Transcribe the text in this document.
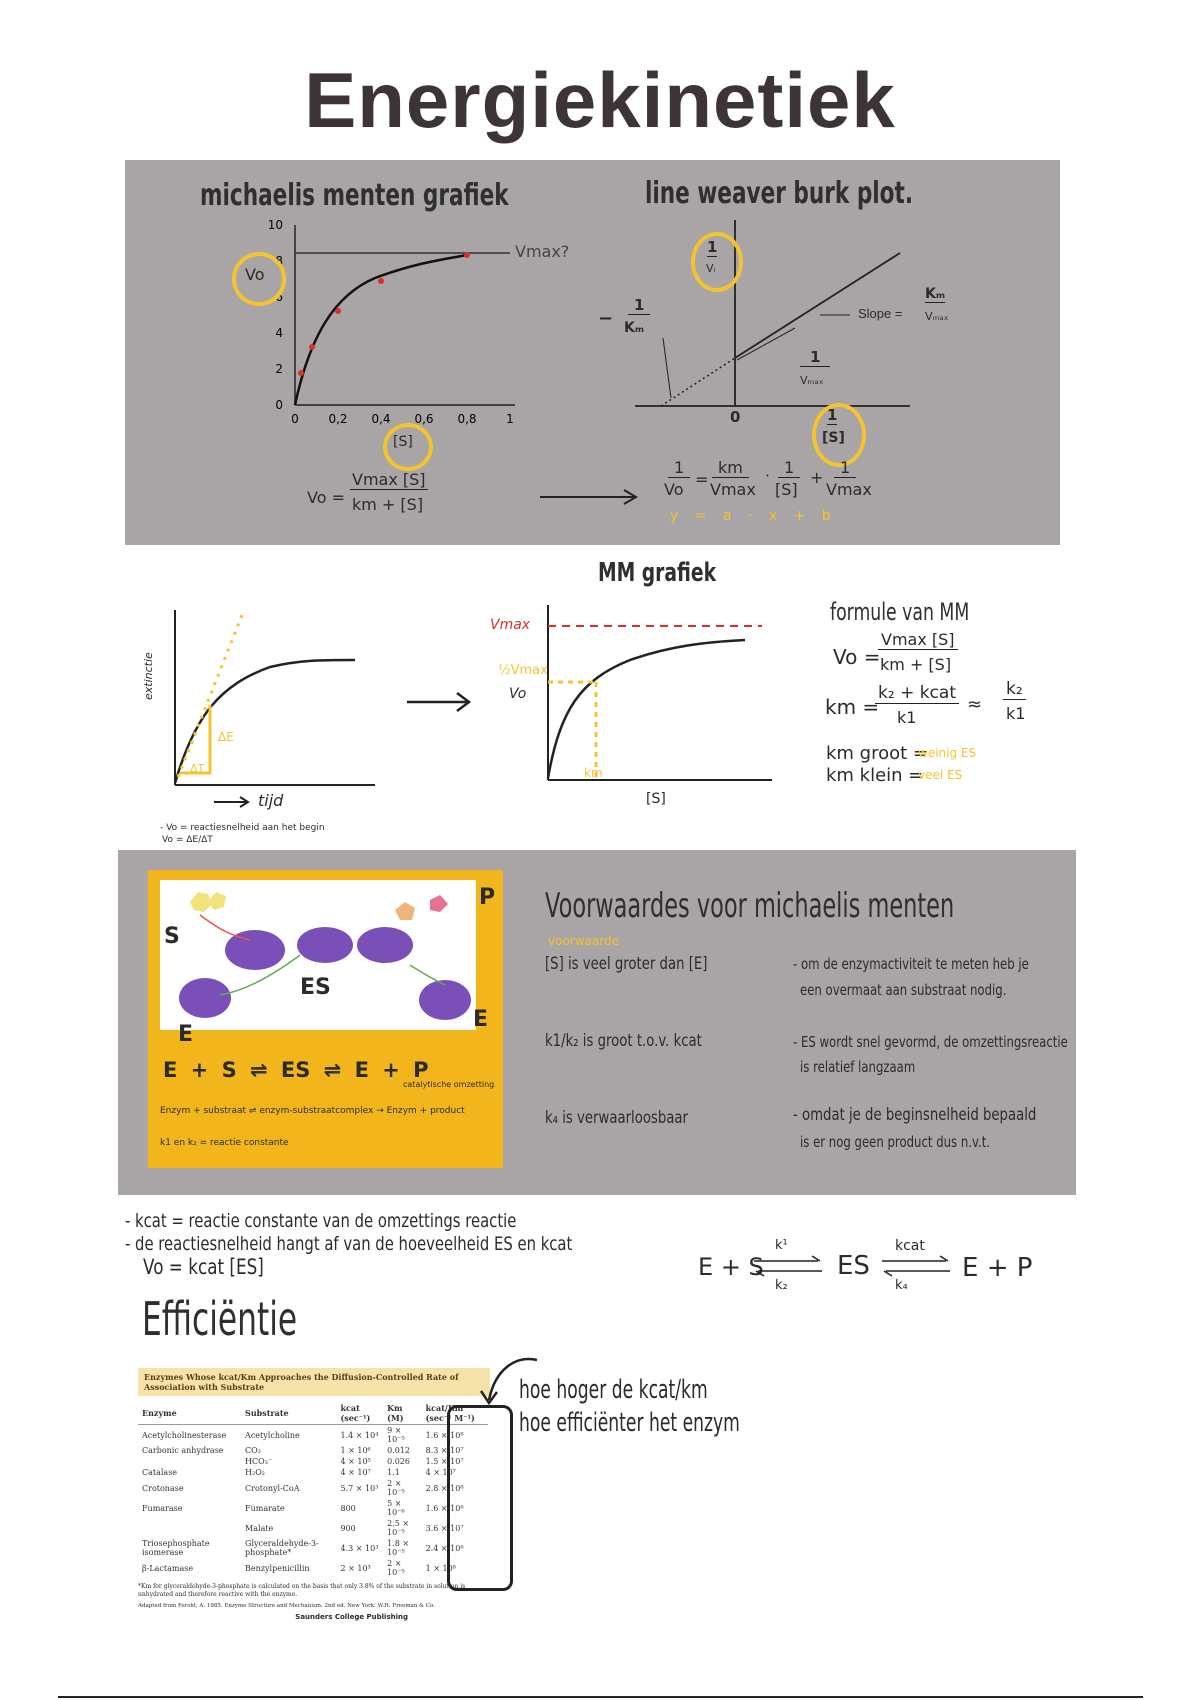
Energiekinetiek
michaelis menten grafiek
0
2
4
6
8
10
0 0,2 0,4 0,6 0,8 1
Vmax?
Vo
[S]
Vo =
Vmax [S]
km + [S]
line weaver burk plot.
1
Vᵢ
−
1
Kₘ
Slope =
Kₘ
Vₘₐₓ
1
Vₘₐₓ
0	1
[S]
1
Vo
=
km
Vmax
· 1
[S]
+
1
Vmax
y = a · x + b
extinctie
ΔE
ΔT
tijd
- Vo = reactiesnelheid aan het begin
Vo = ΔE/ΔT
MM grafiek
Vmax
½Vmax
Vo
km
[S]
formule van MM
Vo =
Vmax [S]
km + [S]
km =
k₂ + kcat
k1
≈
k₂
k1
km groot =
weinig ES
km klein =
veel ES
S
P
ES
E
E
E + S ⇌ ES ⇌ E + P
catalytische omzetting
Enzym + substraat ⇌ enzym-substraatcomplex → Enzym + product
k1 en k₂ = reactie constante
Voorwaardes voor michaelis menten
voorwaarde
[S] is veel groter dan [E]	- om de enzymactiviteit te meten heb je
een overmaat aan substraat nodig.
k1/k₂ is groot t.o.v. kcat	- ES wordt snel gevormd, de omzettingsreactie
is relatief langzaam
k₄ is verwaarloosbaar	- omdat je de beginsnelheid bepaald
is er nog geen product dus n.v.t.
- kcat = reactie constante van de omzettings reactie
- de reactiesnelheid hangt af van de hoeveelheid ES en kcat
Vo = kcat [ES]	E + S
k¹
k₂
ES
kcat
k₄
E + P
Efficiëntie
Enzymes Whose kcat/Km Approaches the Diffusion-Controlled Rate of Association with Substrate
Enzyme	Substrate	kcat (sec⁻¹)	Km (M)	kcat/Km (sec⁻¹ M⁻¹)
Acetylcholinesterase	Acetylcholine	1.4 × 10⁴	9 × 10⁻⁵	1.6 × 10⁸
Carbonic anhydrase	CO₂	1 × 10⁶	0.012	8.3 × 10⁷
	HCO₃⁻	4 × 10⁵	0.026	1.5 × 10⁷
Catalase	H₂O₂	4 × 10⁷	1.1	4 × 10⁷
Crotonase	Crotonyl-CoA	5.7 × 10³	2 × 10⁻⁵	2.8 × 10⁸
Fumarase	Fumarate	800	5 × 10⁻⁶	1.6 × 10⁸
	Malate	900	2.5 × 10⁻⁵	3.6 × 10⁷
Triosephosphate isomerase	Glyceraldehyde-3-phosphate*	4.3 × 10³	1.8 × 10⁻⁵	2.4 × 10⁸
β-Lactamase	Benzylpenicillin	2 × 10³	2 × 10⁻⁵	1 × 10⁸
*Km for glyceraldehyde-3-phosphate is calculated on the basis that only 3.8% of the substrate in solution is unhydrated and therefore reactive with the enzyme.
Adapted from Fersht, A. 1985. Enzyme Structure and Mechanism. 2nd ed. New York: W.H. Freeman & Co.
Saunders College Publishing
hoe hoger de kcat/km
hoe efficiënter het enzym
